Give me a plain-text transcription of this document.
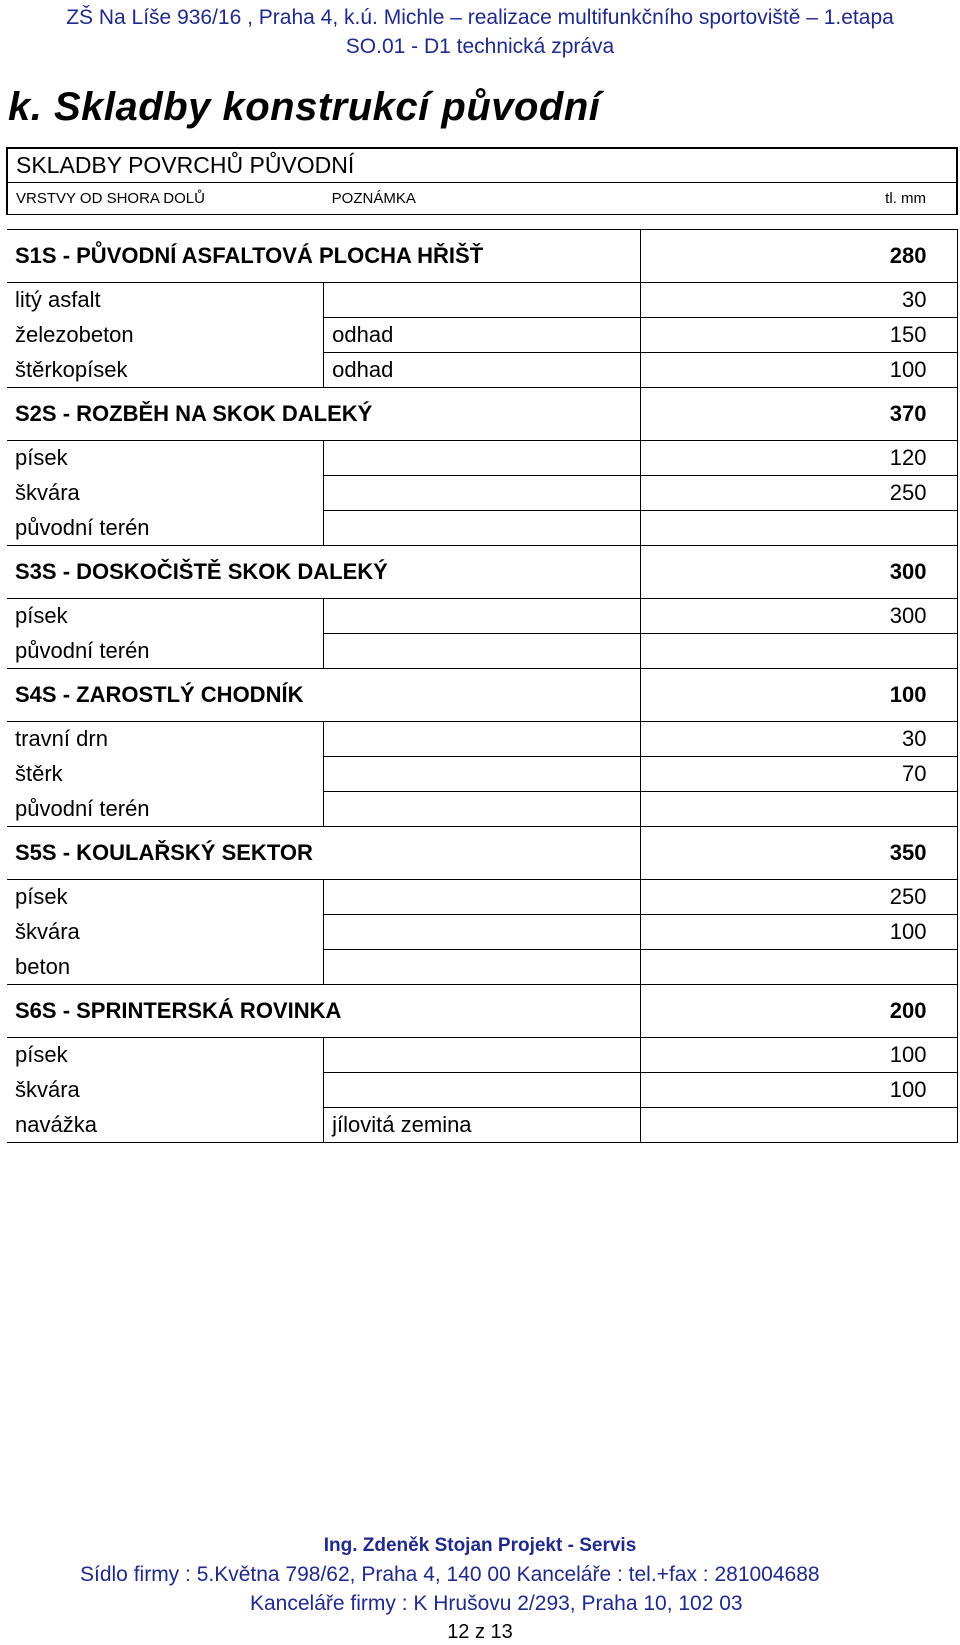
ZŠ Na Líše 936/16 , Praha 4, k.ú. Michle – realizace multifunkčního sportoviště – 1.etapa
SO.01 - D1 technická zpráva
k. Skladby konstrukcí původní
SKLADBY POVRCHŮ PŮVODNÍ		
VRSTVY OD SHORA DOLŮ	POZNÁMKA	tl. mm

S1S - PŮVODNÍ ASFALTOVÁ PLOCHA HŘIŠŤ		280
litý asfalt		30
železobeton	odhad	150
štěrkopísek	odhad	100
S2S - ROZBĚH NA SKOK DALEKÝ		370
písek		120
škvára		250
původní terén		
S3S - DOSKOČIŠTĚ SKOK DALEKÝ		300
písek		300
původní terén		
S4S - ZAROSTLÝ CHODNÍK		100
travní drn		30
štěrk		70
původní terén		
S5S - KOULAŘSKÝ SEKTOR		350
písek		250
škvára		100
beton		
S6S - SPRINTERSKÁ ROVINKA		200
písek		100
škvára		100
navážka	jílovitá zemina	
Ing. Zdeněk Stojan Projekt - Servis
Sídlo firmy : 5.Května 798/62, Praha 4, 140 00 Kanceláře : tel.+fax : 281004688
Kanceláře firmy : K Hrušovu 2/293, Praha 10, 102 03
12 z 13
